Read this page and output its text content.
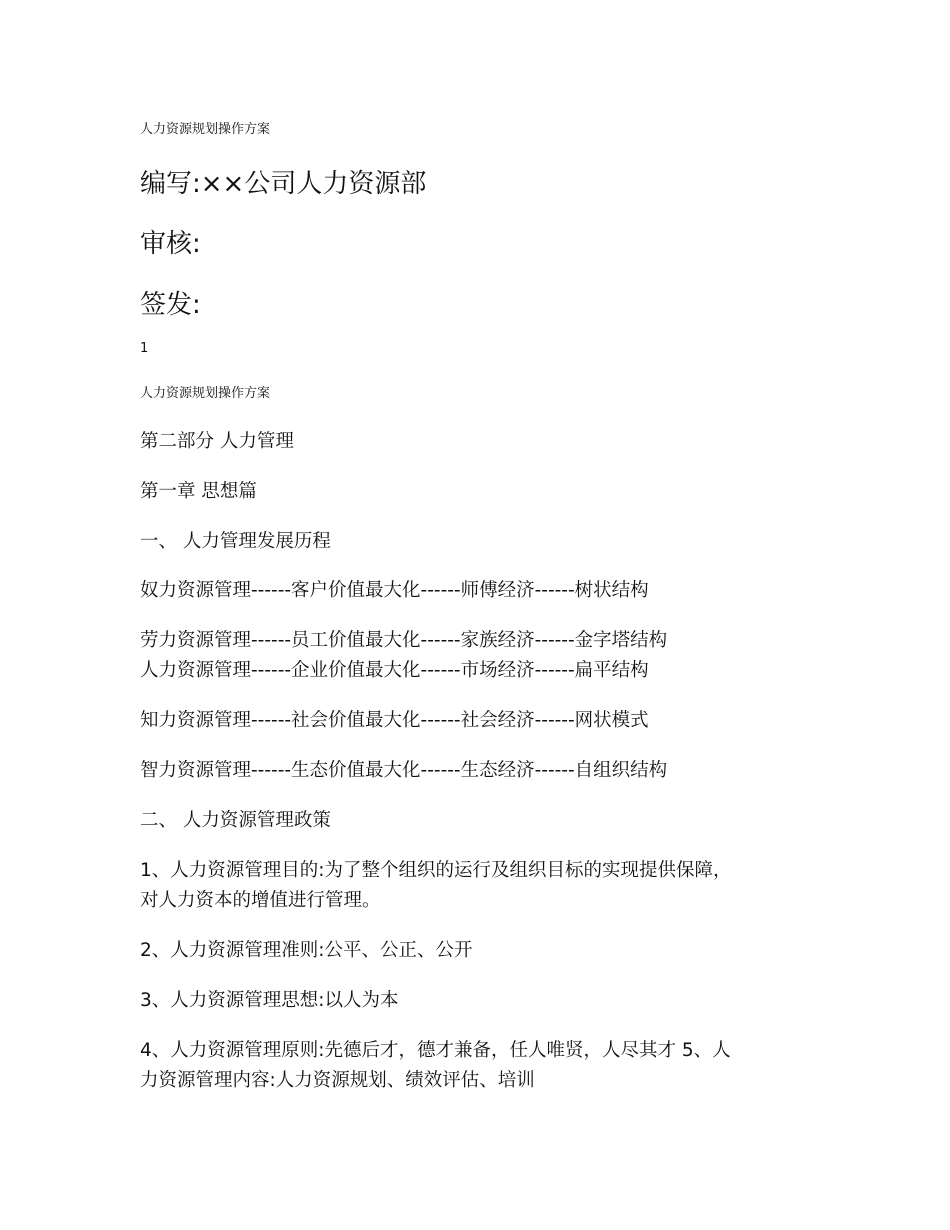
人力资源规划操作方案

编写:××公司人力资源部

审核:

签发:

1

人力资源规划操作方案

第二部分 人力管理

第一章 思想篇

一、 人力管理发展历程

奴力资源管理------客户价值最大化------师傅经济------树状结构

劳力资源管理------员工价值最大化------家族经济------金字塔结构

人力资源管理------企业价值最大化------市场经济------扁平结构

知力资源管理------社会价值最大化------社会经济------网状模式

智力资源管理------生态价值最大化------生态经济------自组织结构

二、 人力资源管理政策

1、人力资源管理目的:为了整个组织的运行及组织目标的实现提供保障，

对人力资本的增值进行管理。

2、人力资源管理准则:公平、公正、公开

3、人力资源管理思想:以人为本

4、人力资源管理原则:先德后才，德才兼备，任人唯贤，人尽其才 5、人

力资源管理内容:人力资源规划、绩效评估、培训
